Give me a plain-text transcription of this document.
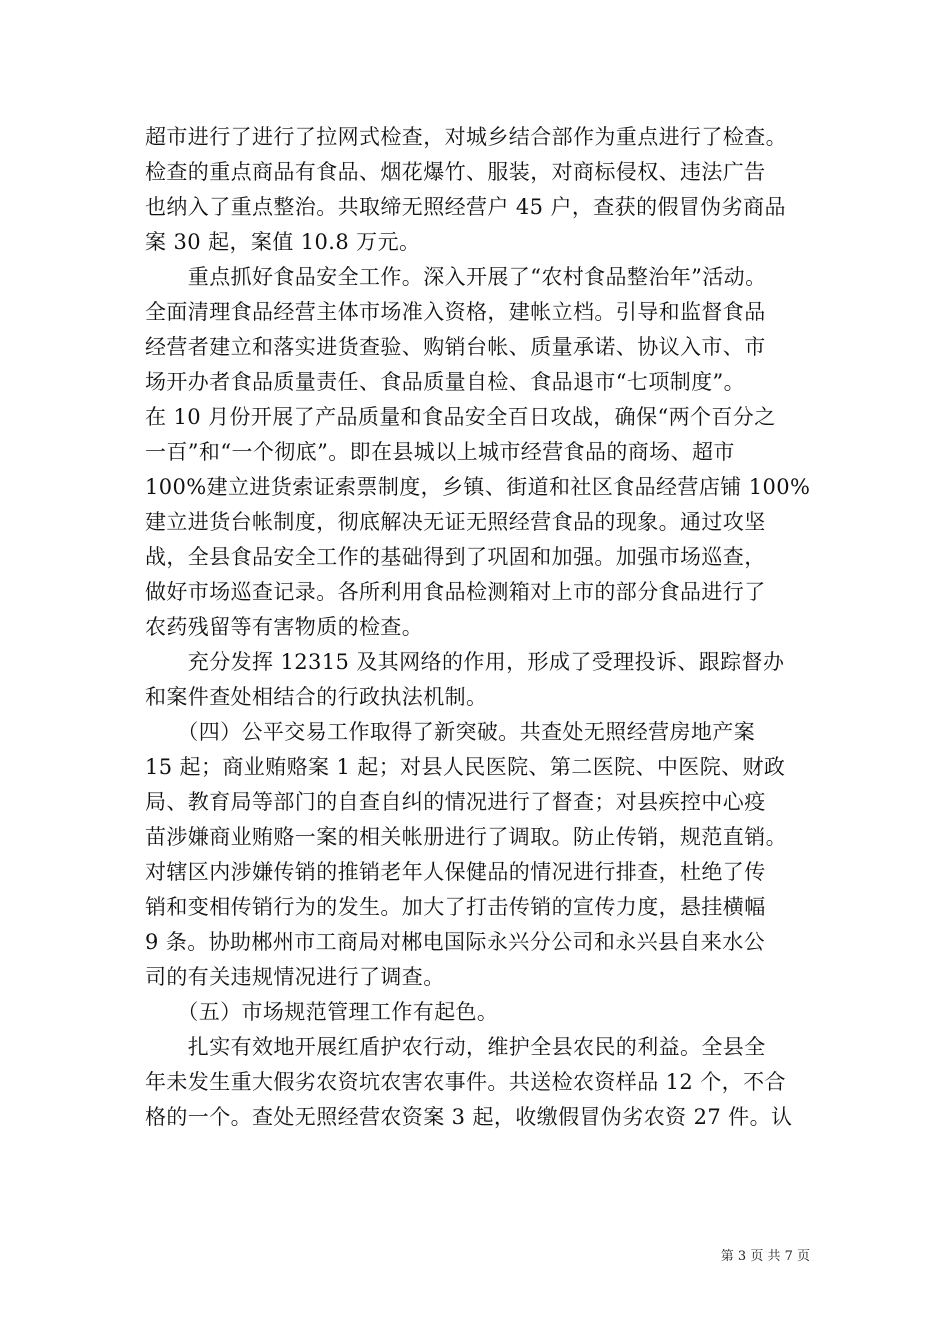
超市进行了进行了拉网式检查，对城乡结合部作为重点进行了检查。
检查的重点商品有食品、烟花爆竹、服装，对商标侵权、违法广告
也纳入了重点整治。共取缔无照经营户 45 户，查获的假冒伪劣商品
案 30 起，案值 10.8 万元。
　　重点抓好食品安全工作。深入开展了“农村食品整治年”活动。
全面清理食品经营主体市场准入资格，建帐立档。引导和监督食品
经营者建立和落实进货查验、购销台帐、质量承诺、协议入市、市
场开办者食品质量责任、食品质量自检、食品退市“七项制度”。
在 10 月份开展了产品质量和食品安全百日攻战，确保“两个百分之
一百”和“一个彻底”。即在县城以上城市经营食品的商场、超市
100%建立进货索证索票制度，乡镇、街道和社区食品经营店铺 100%
建立进货台帐制度，彻底解决无证无照经营食品的现象。通过攻坚
战，全县食品安全工作的基础得到了巩固和加强。加强市场巡查，
做好市场巡查记录。各所利用食品检测箱对上市的部分食品进行了
农药残留等有害物质的检查。
　　充分发挥 12315 及其网络的作用，形成了受理投诉、跟踪督办
和案件查处相结合的行政执法机制。
　　（四）公平交易工作取得了新突破。共查处无照经营房地产案
15 起；商业贿赂案 1 起；对县人民医院、第二医院、中医院、财政
局、教育局等部门的自查自纠的情况进行了督查；对县疾控中心疫
苗涉嫌商业贿赂一案的相关帐册进行了调取。防止传销，规范直销。
对辖区内涉嫌传销的推销老年人保健品的情况进行排查，杜绝了传
销和变相传销行为的发生。加大了打击传销的宣传力度，悬挂横幅
9 条。协助郴州市工商局对郴电国际永兴分公司和永兴县自来水公
司的有关违规情况进行了调查。
　　（五）市场规范管理工作有起色。
　　扎实有效地开展红盾护农行动，维护全县农民的利益。全县全
年未发生重大假劣农资坑农害农事件。共送检农资样品 12 个，不合
格的一个。查处无照经营农资案 3 起，收缴假冒伪劣农资 27 件。认
第 3 页 共 7 页
